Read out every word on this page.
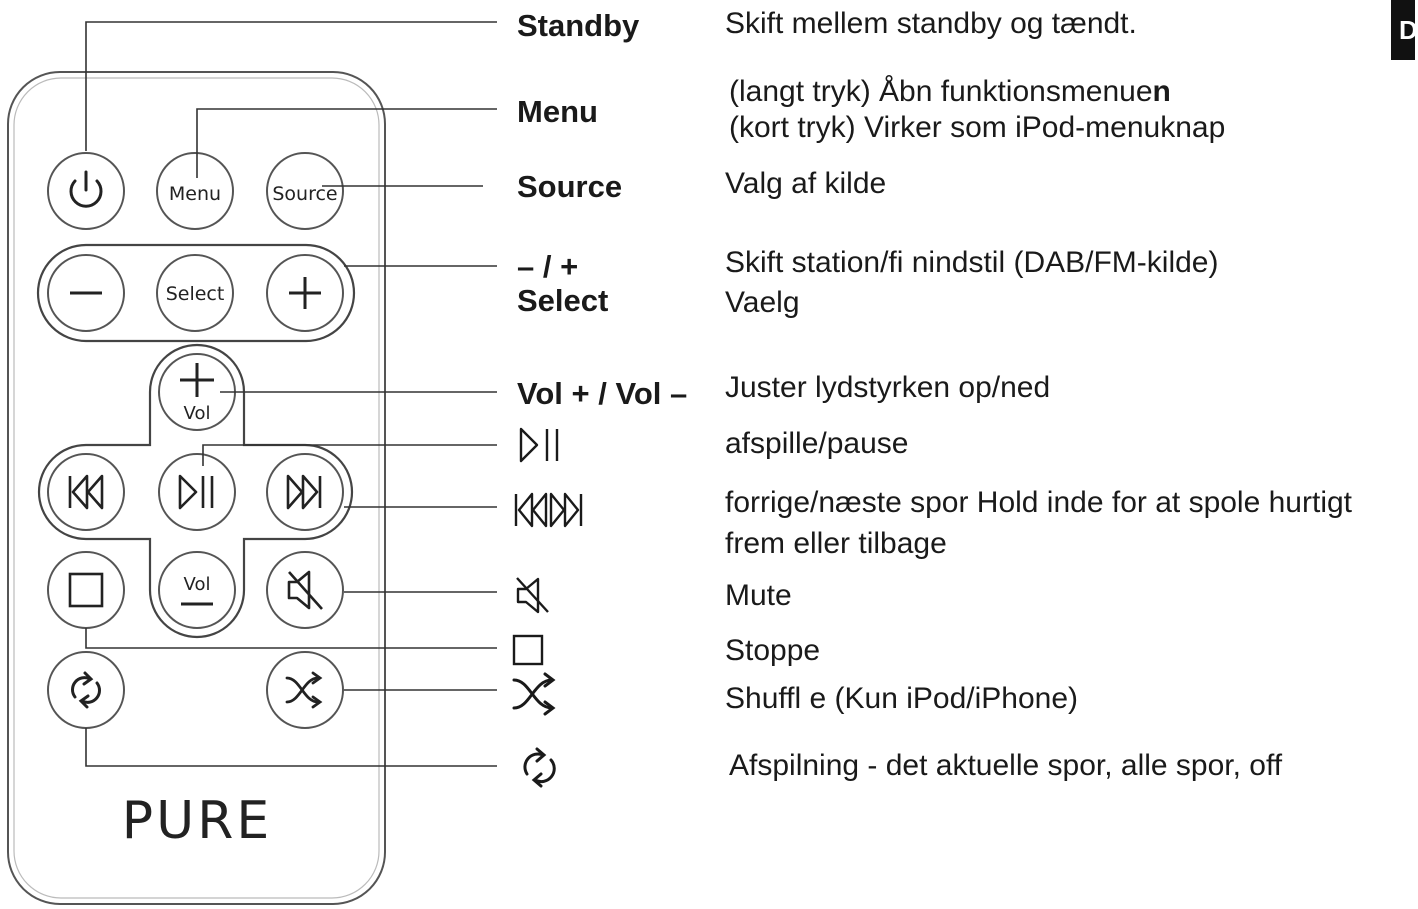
Menu	Source
Select
Vol
Vol
PURE
Standby
Menu
Source
– / +
Select
Vol + / Vol –
Skift mellem standby og tændt.
(langt tryk) Åbn funktionsmenuen
(kort tryk) Virker som iPod-menuknap
Valg af kilde
Skift station/fi nindstil (DAB/FM-kilde)
Vaelg
Juster lydstyrken op/ned
afspille/pause
forrige/næste spor Hold inde for at spole hurtigt
frem eller tilbage
Mute
Stoppe
Shuffl e (Kun iPod/iPhone)
Afspilning - det aktuelle spor, alle spor, off
D
